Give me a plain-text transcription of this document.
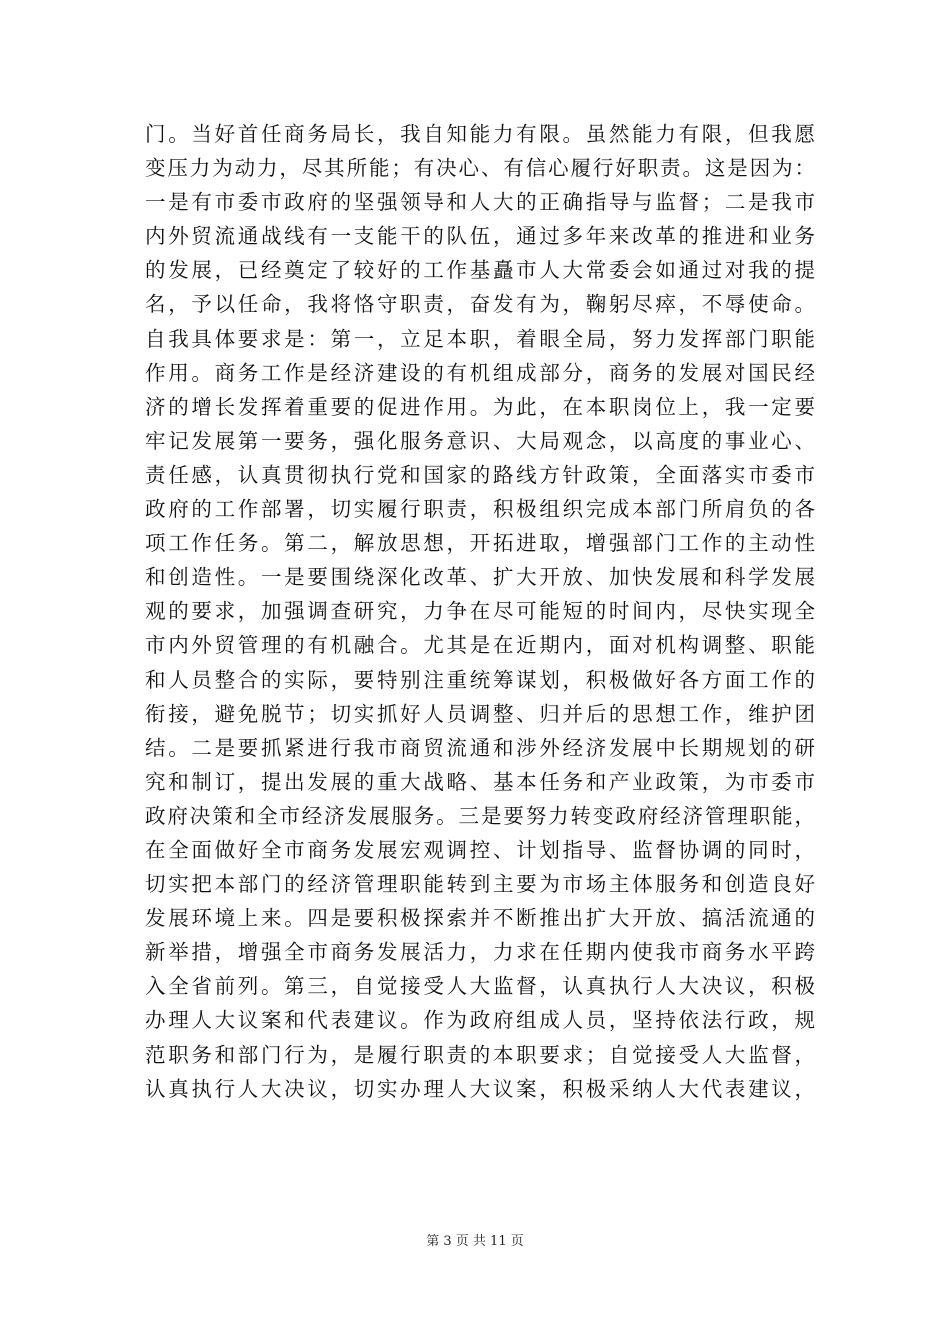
门。当好首任商务局长，我自知能力有限。虽然能力有限，但我愿
变压力为动力，尽其所能；有决心、有信心履行好职责。这是因为：
一是有市委市政府的坚强领导和人大的正确指导与监督；二是我市
内外贸流通战线有一支能干的队伍，通过多年来改革的推进和业务
的发展，已经奠定了较好的工作基矗市人大常委会如通过对我的提
名，予以任命，我将恪守职责，奋发有为，鞠躬尽瘁，不辱使命。
自我具体要求是：第一，立足本职，着眼全局，努力发挥部门职能
作用。商务工作是经济建设的有机组成部分，商务的发展对国民经
济的增长发挥着重要的促进作用。为此，在本职岗位上，我一定要
牢记发展第一要务，强化服务意识、大局观念，以高度的事业心、
责任感，认真贯彻执行党和国家的路线方针政策，全面落实市委市
政府的工作部署，切实履行职责，积极组织完成本部门所肩负的各
项工作任务。第二，解放思想，开拓进取，增强部门工作的主动性
和创造性。一是要围绕深化改革、扩大开放、加快发展和科学发展
观的要求，加强调查研究，力争在尽可能短的时间内，尽快实现全
市内外贸管理的有机融合。尤其是在近期内，面对机构调整、职能
和人员整合的实际，要特别注重统筹谋划，积极做好各方面工作的
衔接，避免脱节；切实抓好人员调整、归并后的思想工作，维护团
结。二是要抓紧进行我市商贸流通和涉外经济发展中长期规划的研
究和制订，提出发展的重大战略、基本任务和产业政策，为市委市
政府决策和全市经济发展服务。三是要努力转变政府经济管理职能，
在全面做好全市商务发展宏观调控、计划指导、监督协调的同时，
切实把本部门的经济管理职能转到主要为市场主体服务和创造良好
发展环境上来。四是要积极探索并不断推出扩大开放、搞活流通的
新举措，增强全市商务发展活力，力求在任期内使我市商务水平跨
入全省前列。第三，自觉接受人大监督，认真执行人大决议，积极
办理人大议案和代表建议。作为政府组成人员，坚持依法行政，规
范职务和部门行为，是履行职责的本职要求；自觉接受人大监督，
认真执行人大决议，切实办理人大议案，积极采纳人大代表建议，
第 3 页 共 11 页
